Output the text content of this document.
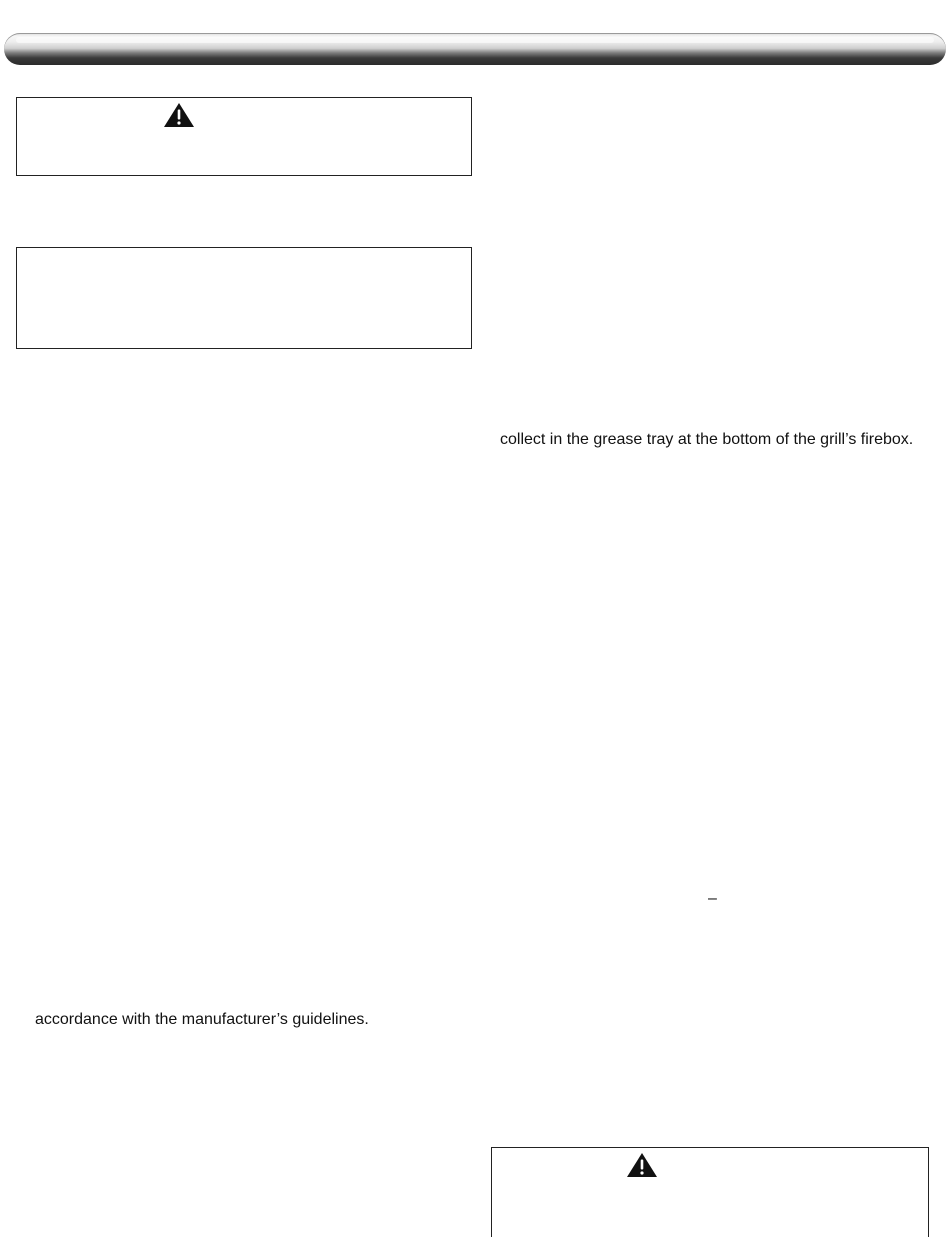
collect in the grease tray at the bottom of the grill’s firebox.
–
accordance with the manufacturer’s guidelines.
